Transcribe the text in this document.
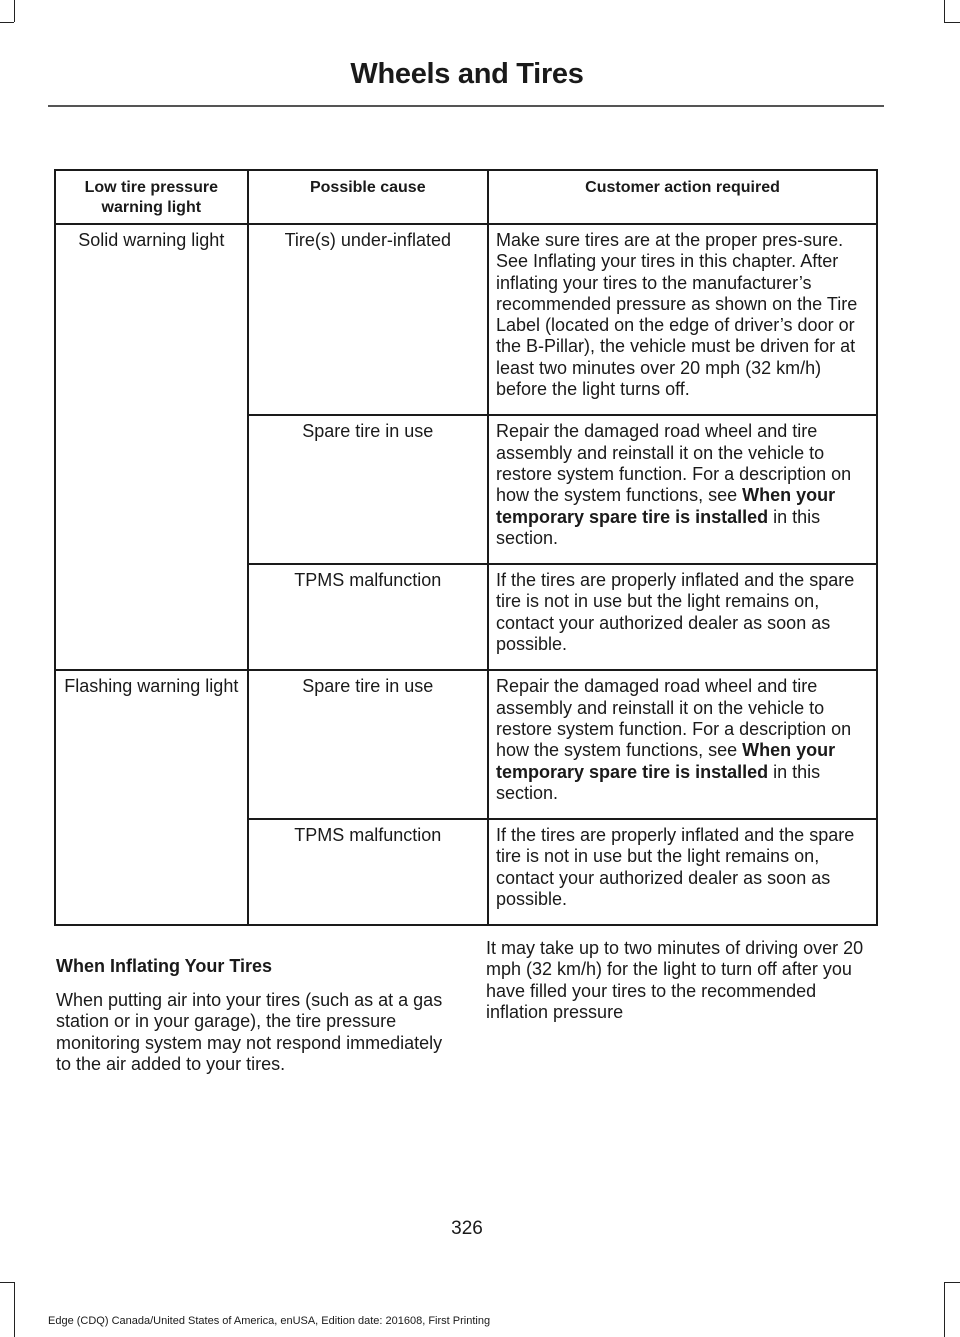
Wheels and Tires
Low tire pressure warning light	Possible cause	Customer action required
Solid warning light	Tire(s) under-inflated	Make sure tires are at the proper pres-sure. See Inflating your tires in this chapter. After inflating your tires to the manufacturer’s recommended pressure as shown on the Tire Label (located on the edge of driver’s door or the B-Pillar), the vehicle must be driven for at least two minutes over 20 mph (32 km/h) before the light turns off.
	Spare tire in use	Repair the damaged road wheel and tire assembly and reinstall it on the vehicle to restore system function. For a description on how the system functions, see When your temporary spare tire is installed in this section.
	TPMS malfunction	If the tires are properly inflated and the spare tire is not in use but the light remains on, contact your authorized dealer as soon as possible.
Flashing warning light	Spare tire in use	Repair the damaged road wheel and tire assembly and reinstall it on the vehicle to restore system function. For a description on how the system functions, see When your temporary spare tire is installed in this section.
	TPMS malfunction	If the tires are properly inflated and the spare tire is not in use but the light remains on, contact your authorized dealer as soon as possible.
When Inflating Your Tires
When putting air into your tires (such as at a gas station or in your garage), the tire pressure monitoring system may not respond immediately to the air added to your tires.
It may take up to two minutes of driving over 20 mph (32 km/h) for the light to turn off after you have filled your tires to the recommended inflation pressure
326
Edge (CDQ) Canada/United States of America, enUSA, Edition date: 201608, First Printing
